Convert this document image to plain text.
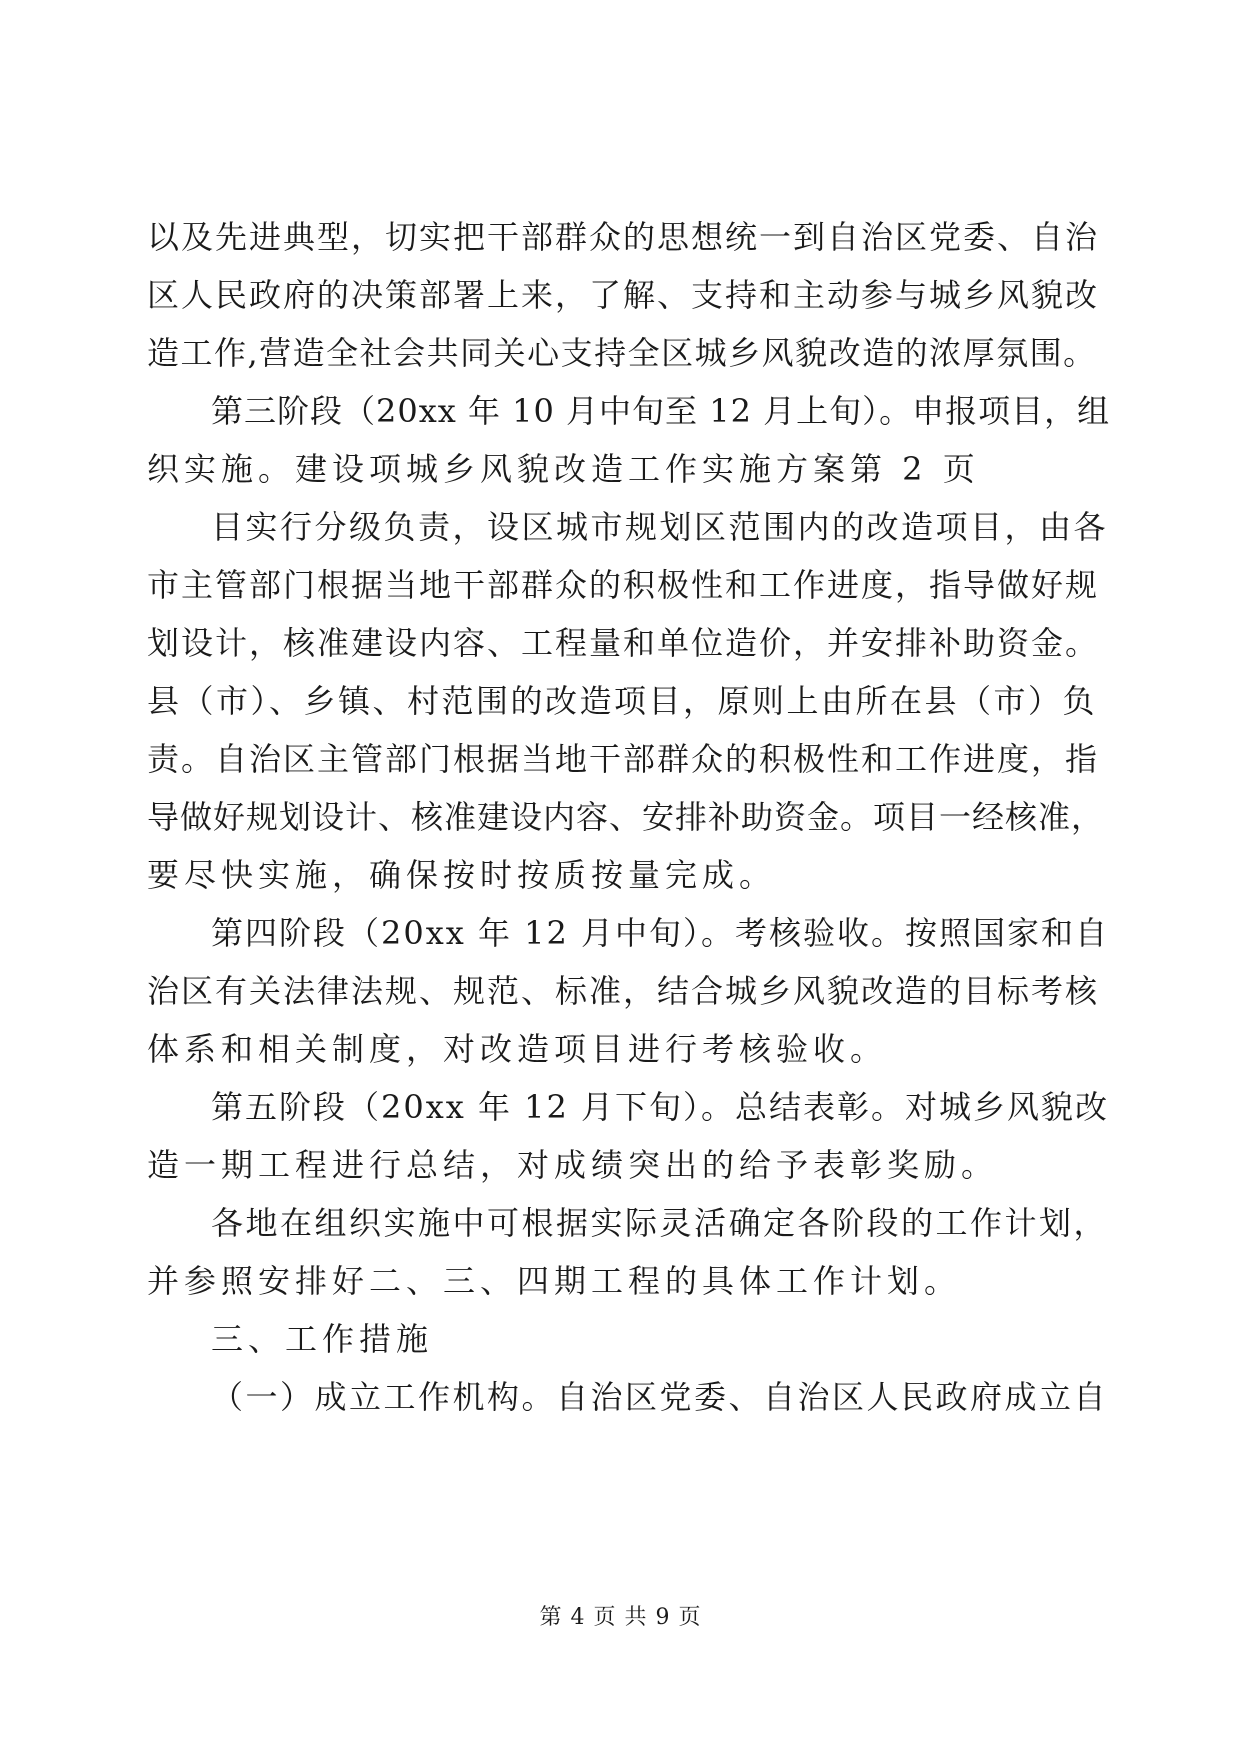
以及先进典型，切实把干部群众的思想统一到自治区党委、自治
区人民政府的决策部署上来，了解、支持和主动参与城乡风貌改
造工作,营造全社会共同关心支持全区城乡风貌改造的浓厚氛围。
第三阶段（20xx 年 10 月中旬至 12 月上旬）。申报项目，组
织实施。建设项城乡风貌改造工作实施方案第 2 页
目实行分级负责，设区城市规划区范围内的改造项目，由各
市主管部门根据当地干部群众的积极性和工作进度，指导做好规
划设计，核准建设内容、工程量和单位造价，并安排补助资金。
县（市）、乡镇、村范围的改造项目，原则上由所在县（市）负
责。自治区主管部门根据当地干部群众的积极性和工作进度，指
导做好规划设计、核准建设内容、安排补助资金。项目一经核准，
要尽快实施，确保按时按质按量完成。
第四阶段（20xx 年 12 月中旬）。考核验收。按照国家和自
治区有关法律法规、规范、标准，结合城乡风貌改造的目标考核
体系和相关制度，对改造项目进行考核验收。
第五阶段（20xx 年 12 月下旬）。总结表彰。对城乡风貌改
造一期工程进行总结，对成绩突出的给予表彰奖励。
各地在组织实施中可根据实际灵活确定各阶段的工作计划，
并参照安排好二、三、四期工程的具体工作计划。
三、工作措施
（一）成立工作机构。自治区党委、自治区人民政府成立自
第 4 页 共 9 页
